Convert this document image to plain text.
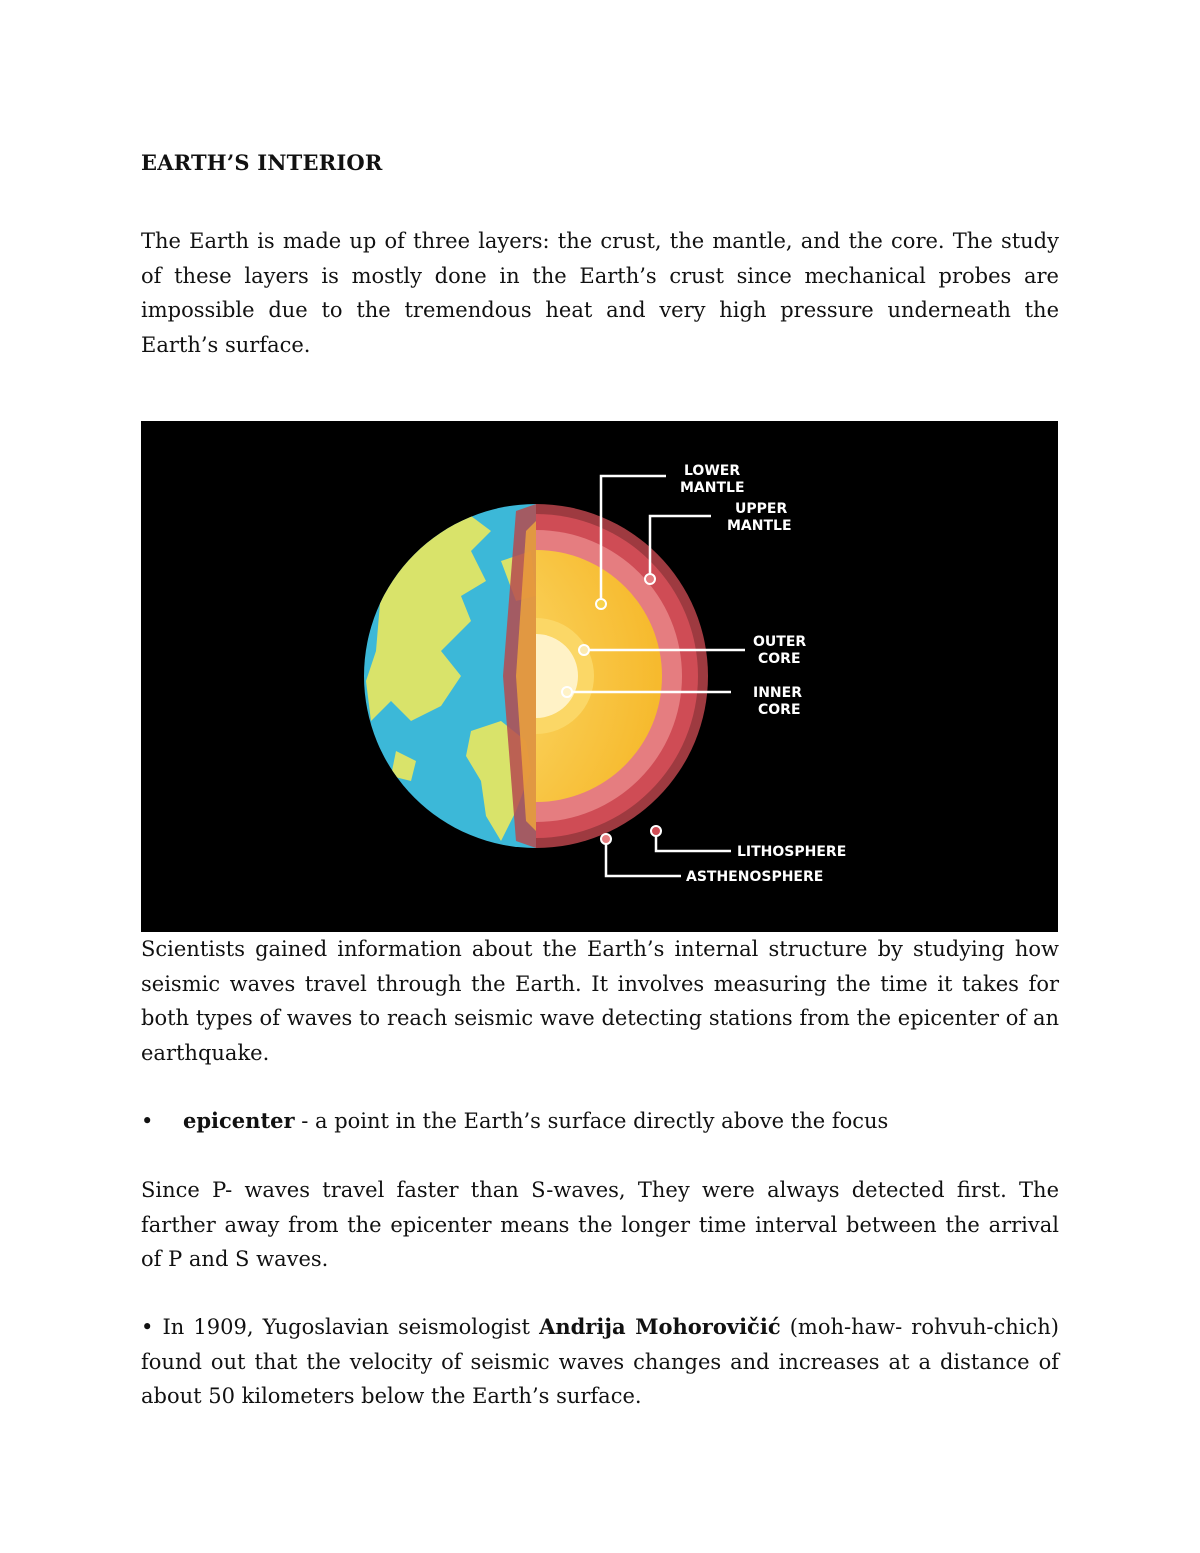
EARTH’S INTERIOR

The Earth is made up of three layers: the crust, the mantle, and the core. The study of these layers is mostly done in the Earth’s crust since mechanical probes are impossible due to the tremendous heat and very high pressure underneath the Earth’s surface.

LOWER
MANTLE
UPPER
MANTLE
OUTER
CORE
INNER
CORE
LITHOSPHERE
ASTHENOSPHERE

Scientists gained information about the Earth’s internal structure by studying how seismic waves travel through the Earth. It involves measuring the time it takes for both types of waves to reach seismic wave detecting stations from the epicenter of an earthquake.

• epicenter - a point in the Earth’s surface directly above the focus

Since P- waves travel faster than S-waves, They were always detected first. The farther away from the epicenter means the longer time interval between the arrival of P and S waves.

• In 1909, Yugoslavian seismologist Andrija Mohorovičić (moh-haw- rohvuh-chich) found out that the velocity of seismic waves changes and increases at a distance of about 50 kilometers below the Earth’s surface.
